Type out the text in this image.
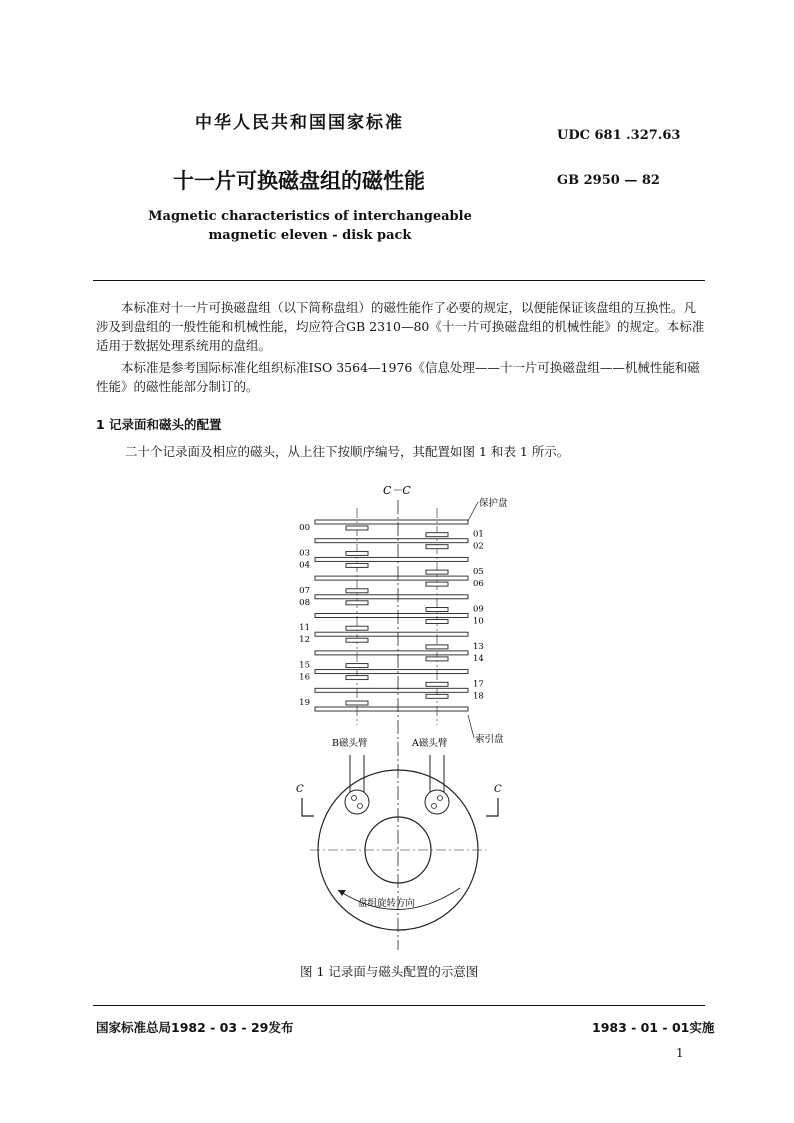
中华人民共和国国家标准
UDC 681 .327.63
十一片可换磁盘组的磁性能	GB 2950 — 82
Magnetic characteristics of interchangeable
magnetic eleven - disk pack
本标准对十一片可换磁盘组（以下简称盘组）的磁性能作了必要的规定，以便能保证该盘组的互换性。凡涉及到盘组的一般性能和机械性能，均应符合GB 2310—80《十一片可换磁盘组的机械性能》的规定。本标准适用于数据处理系统用的盘组。
本标准是参考国际标准化组织标准ISO 3564—1976《信息处理——十一片可换磁盘组——机械性能和磁性能》的磁性能部分制订的。
1 记录面和磁头的配置
二十个记录面及相应的磁头，从上往下按顺序编号，其配置如图 1 和表 1 所示。
C－C
00
03
04
07
08
11
12
15
16
19
01
02
05
06
09
10
13
14
17
18
保护盘
索引盘
B磁头臂	A磁头臂
C	C
盘组旋转方向
图 1 记录面与磁头配置的示意图
国家标准总局1982 - 03 - 29发布	1983 - 01 - 01实施
1
